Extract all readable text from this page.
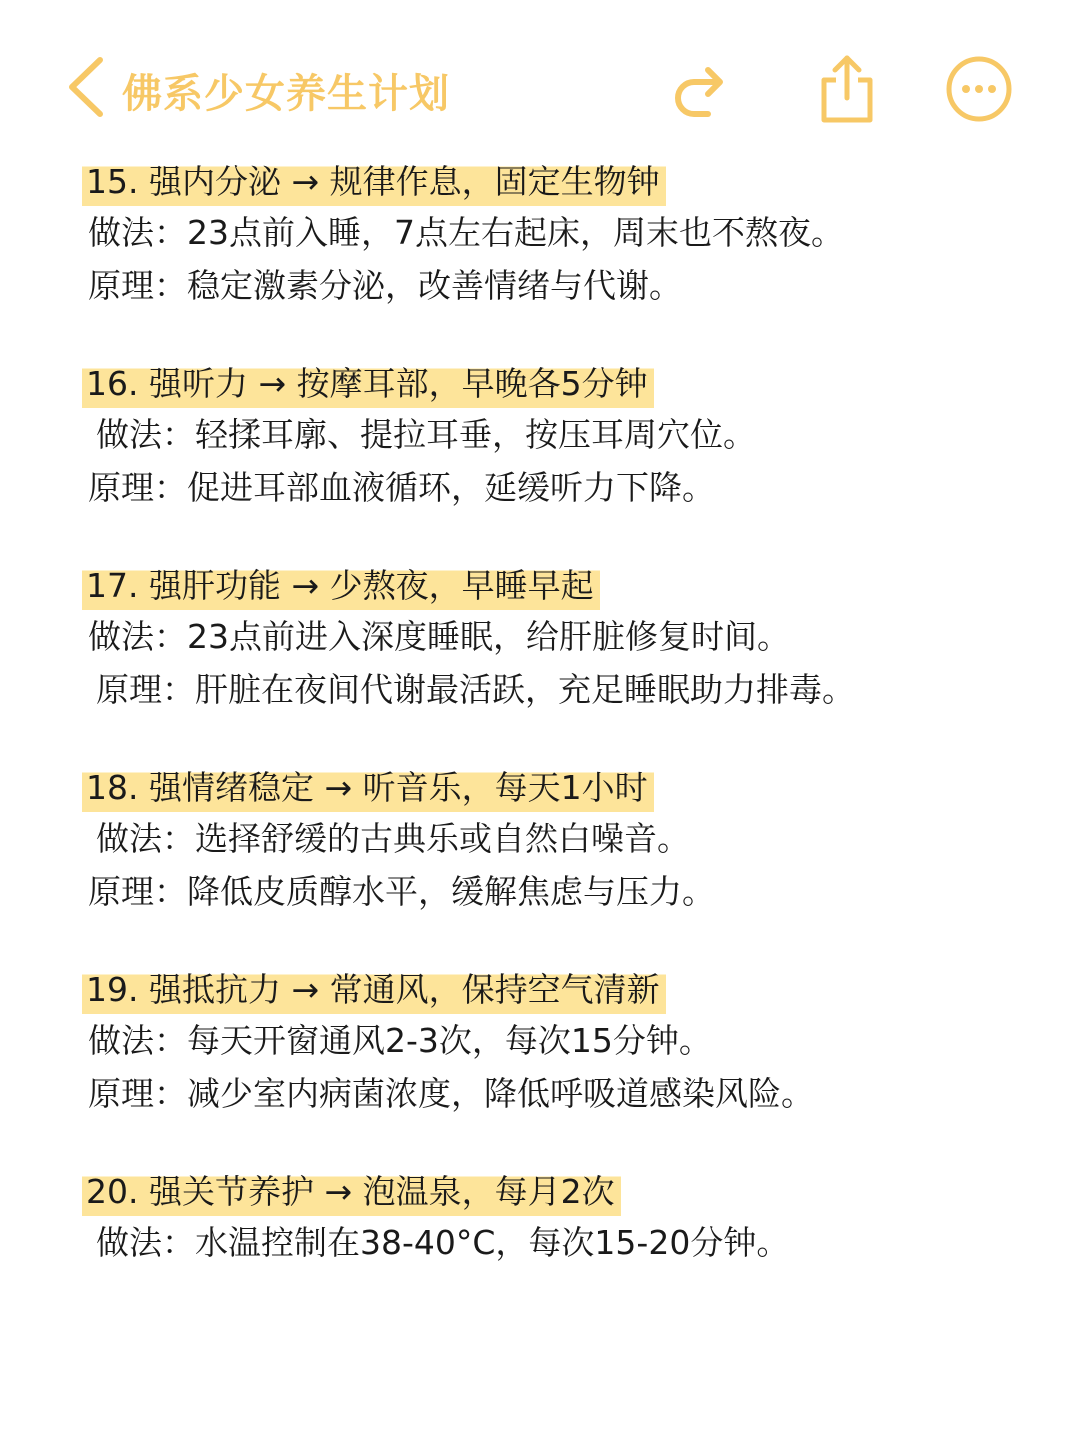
佛系少女养生计划
15. 强内分泌 → 规律作息，固定生物钟
做法：23点前入睡，7点左右起床，周末也不熬夜。
原理：稳定激素分泌，改善情绪与代谢。
16. 强听力 → 按摩耳部，早晚各5分钟
做法：轻揉耳廓、提拉耳垂，按压耳周穴位。
原理：促进耳部血液循环，延缓听力下降。
17. 强肝功能 → 少熬夜，早睡早起
做法：23点前进入深度睡眠，给肝脏修复时间。
原理：肝脏在夜间代谢最活跃，充足睡眠助力排毒。
18. 强情绪稳定 → 听音乐，每天1小时
做法：选择舒缓的古典乐或自然白噪音。
原理：降低皮质醇水平，缓解焦虑与压力。
19. 强抵抗力 → 常通风，保持空气清新
做法：每天开窗通风2-3次，每次15分钟。
原理：减少室内病菌浓度，降低呼吸道感染风险。
20. 强关节养护 → 泡温泉，每月2次
做法：水温控制在38-40°C，每次15-20分钟。
